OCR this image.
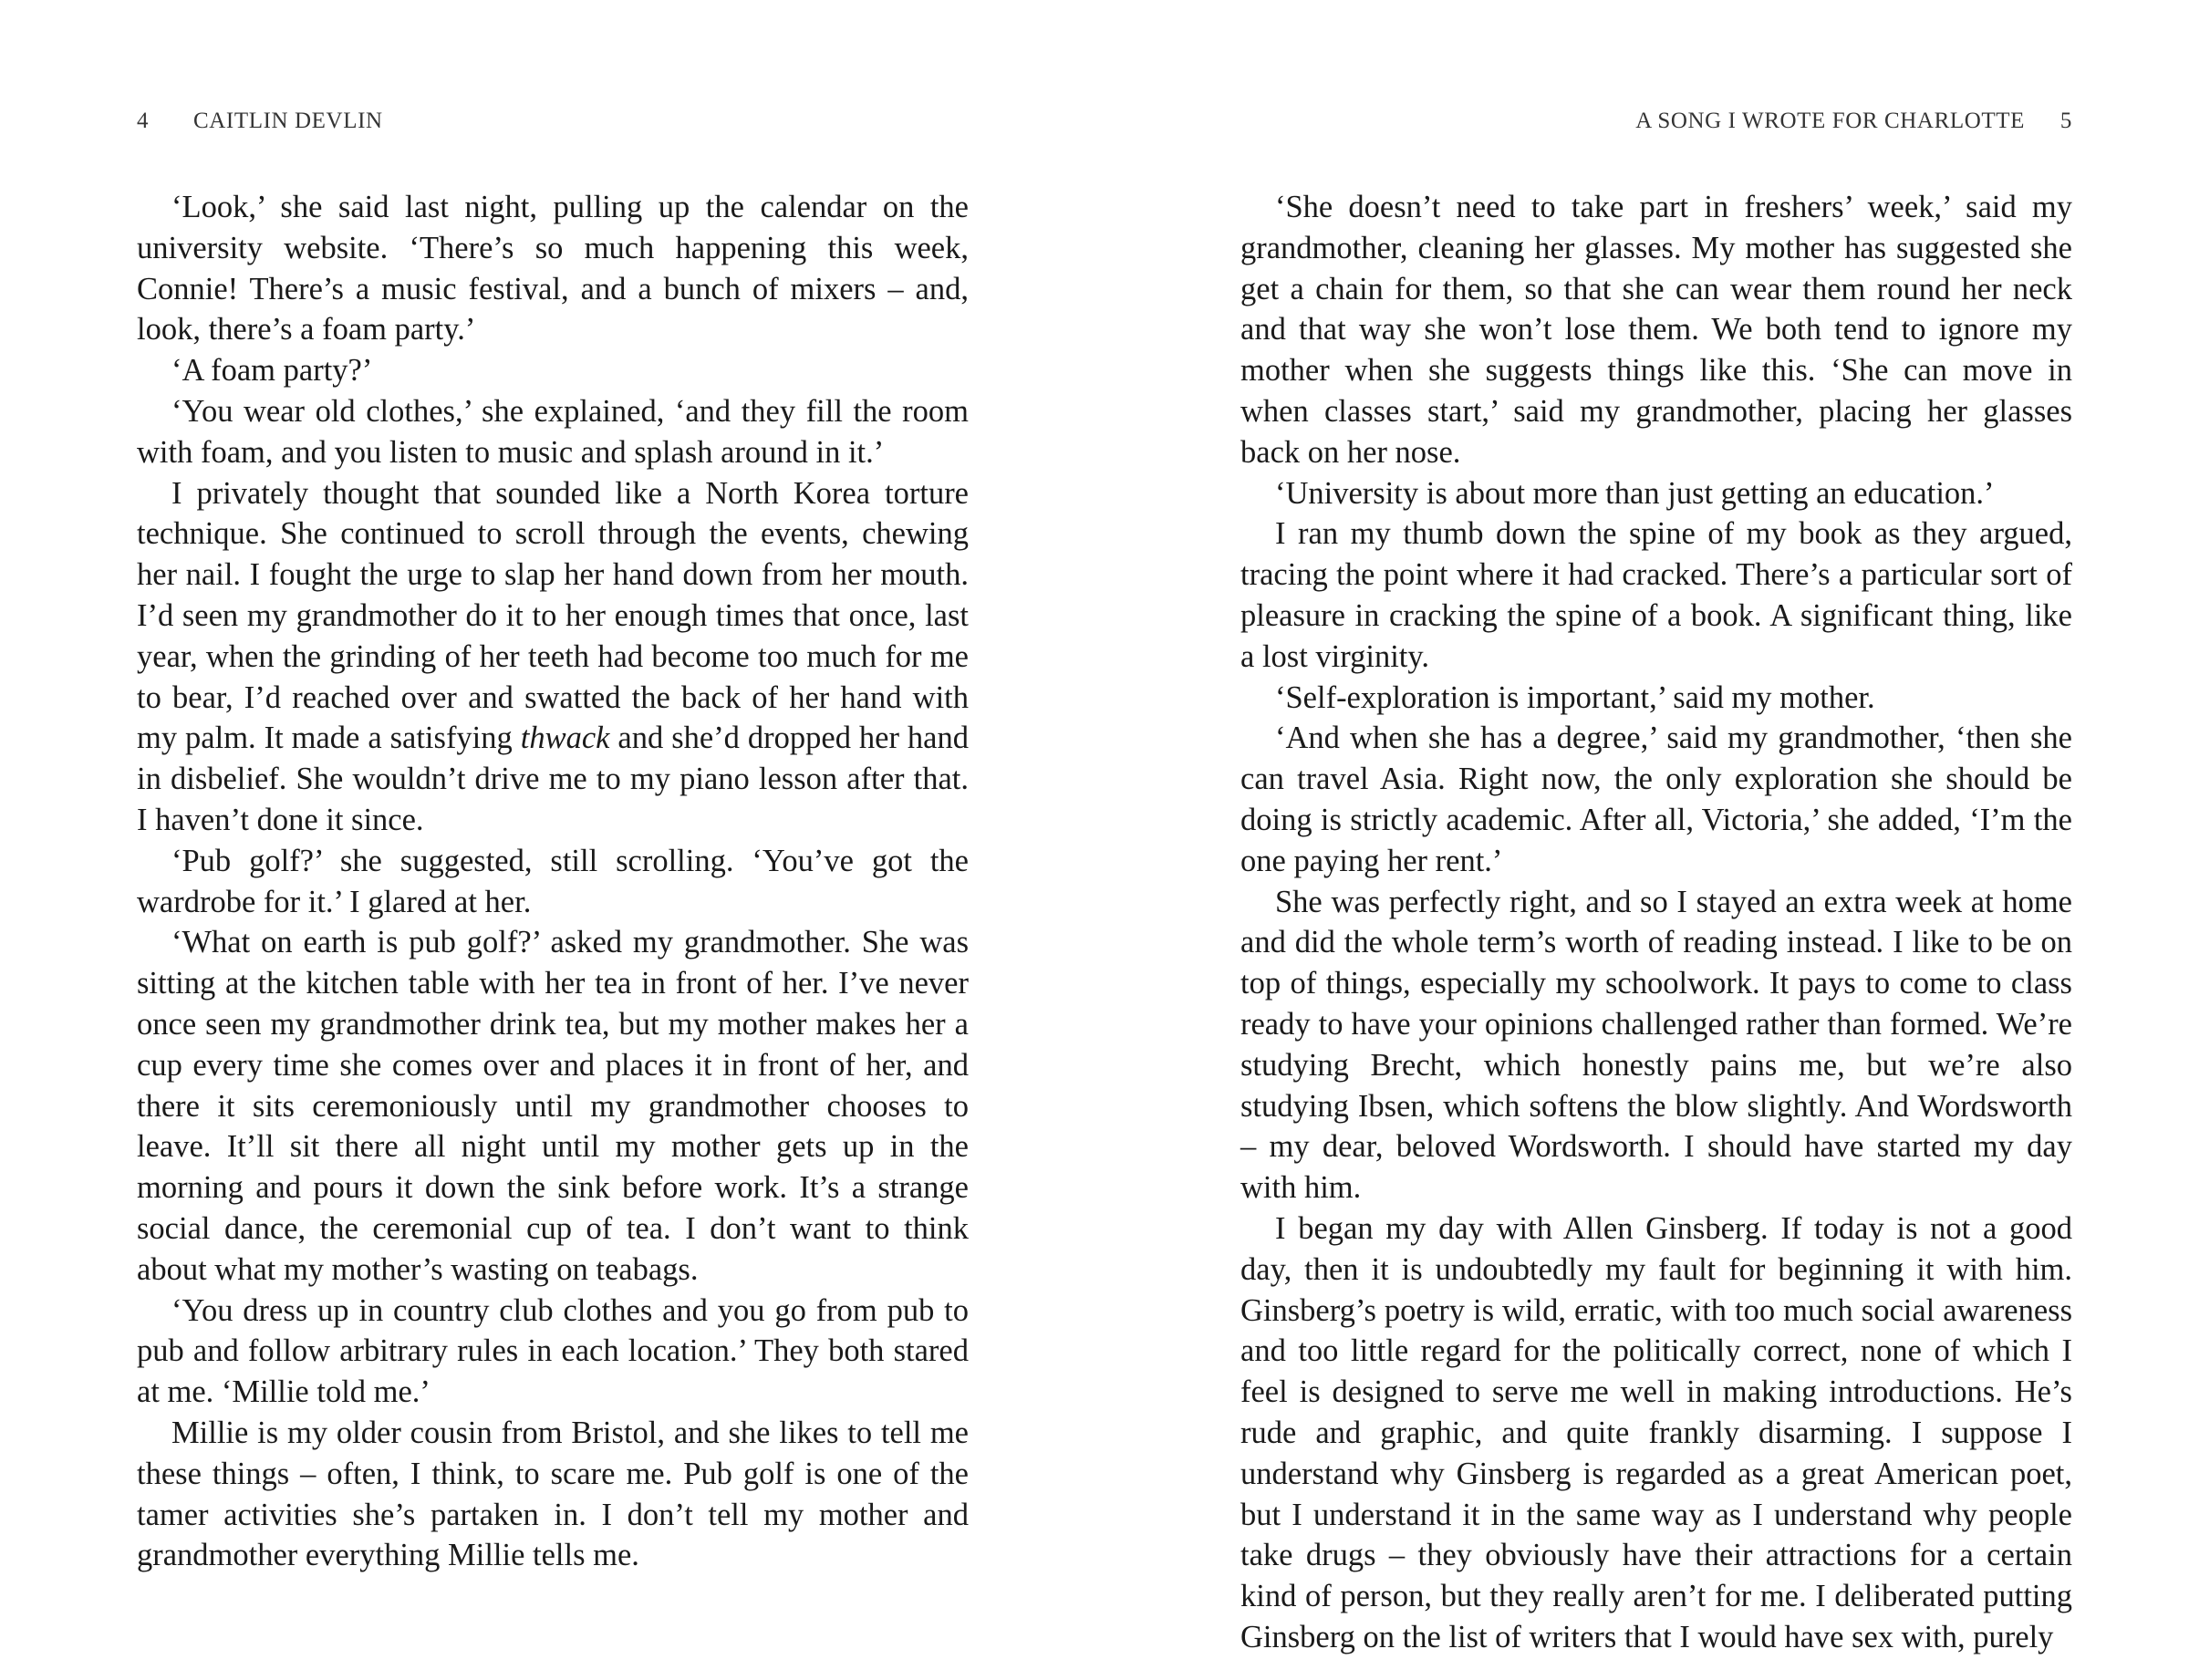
4 CAITLIN DEVLIN

‘Look,’ she said last night, pulling up the calendar on the university website. ‘There’s so much happening this week, Connie! There’s a music festival, and a bunch of mixers – and, look, there’s a foam party.’

‘A foam party?’

‘You wear old clothes,’ she explained, ‘and they fill the room with foam, and you listen to music and splash around in it.’

I privately thought that sounded like a North Korea torture technique. She continued to scroll through the events, chewing her nail. I fought the urge to slap her hand down from her mouth. I’d seen my grandmother do it to her enough times that once, last year, when the grinding of her teeth had become too much for me to bear, I’d reached over and swatted the back of her hand with my palm. It made a satisfying thwack and she’d dropped her hand in disbelief. She wouldn’t drive me to my piano lesson after that. I haven’t done it since.

‘Pub golf?’ she suggested, still scrolling. ‘You’ve got the wardrobe for it.’ I glared at her.

‘What on earth is pub golf?’ asked my grandmother. She was sitting at the kitchen table with her tea in front of her. I’ve never once seen my grandmother drink tea, but my mother makes her a cup every time she comes over and places it in front of her, and there it sits ceremoniously until my grandmother chooses to leave. It’ll sit there all night until my mother gets up in the morning and pours it down the sink before work. It’s a strange social dance, the ceremonial cup of tea. I don’t want to think about what my mother’s wasting on teabags.

‘You dress up in country club clothes and you go from pub to pub and follow arbitrary rules in each location.’ They both stared at me. ‘Millie told me.’

Millie is my older cousin from Bristol, and she likes to tell me these things – often, I think, to scare me. Pub golf is one of the tamer activities she’s partaken in. I don’t tell my mother and grandmother everything Millie tells me.

A SONG I WROTE FOR CHARLOTTE 5

‘She doesn’t need to take part in freshers’ week,’ said my grandmother, cleaning her glasses. My mother has suggested she get a chain for them, so that she can wear them round her neck and that way she won’t lose them. We both tend to ignore my mother when she suggests things like this. ‘She can move in when classes start,’ said my grandmother, placing her glasses back on her nose.

‘University is about more than just getting an education.’

I ran my thumb down the spine of my book as they argued, tracing the point where it had cracked. There’s a particular sort of pleasure in cracking the spine of a book. A significant thing, like a lost virginity.

‘Self-exploration is important,’ said my mother.

‘And when she has a degree,’ said my grandmother, ‘then she can travel Asia. Right now, the only exploration she should be doing is strictly academic. After all, Victoria,’ she added, ‘I’m the one paying her rent.’

She was perfectly right, and so I stayed an extra week at home and did the whole term’s worth of reading instead. I like to be on top of things, especially my schoolwork. It pays to come to class ready to have your opinions challenged rather than formed. We’re studying Brecht, which honestly pains me, but we’re also studying Ibsen, which softens the blow slightly. And Wordsworth – my dear, beloved Wordsworth. I should have started my day with him.

I began my day with Allen Ginsberg. If today is not a good day, then it is undoubtedly my fault for beginning it with him. Ginsberg’s poetry is wild, erratic, with too much social awareness and too little regard for the politically correct, none of which I feel is designed to serve me well in making introductions. He’s rude and graphic, and quite frankly disarming. I suppose I understand why Ginsberg is regarded as a great American poet, but I understand it in the same way as I understand why people take drugs – they obviously have their attractions for a certain kind of person, but they really aren’t for me. I deliberated putting Ginsberg on the list of writers that I would have sex with, purely
